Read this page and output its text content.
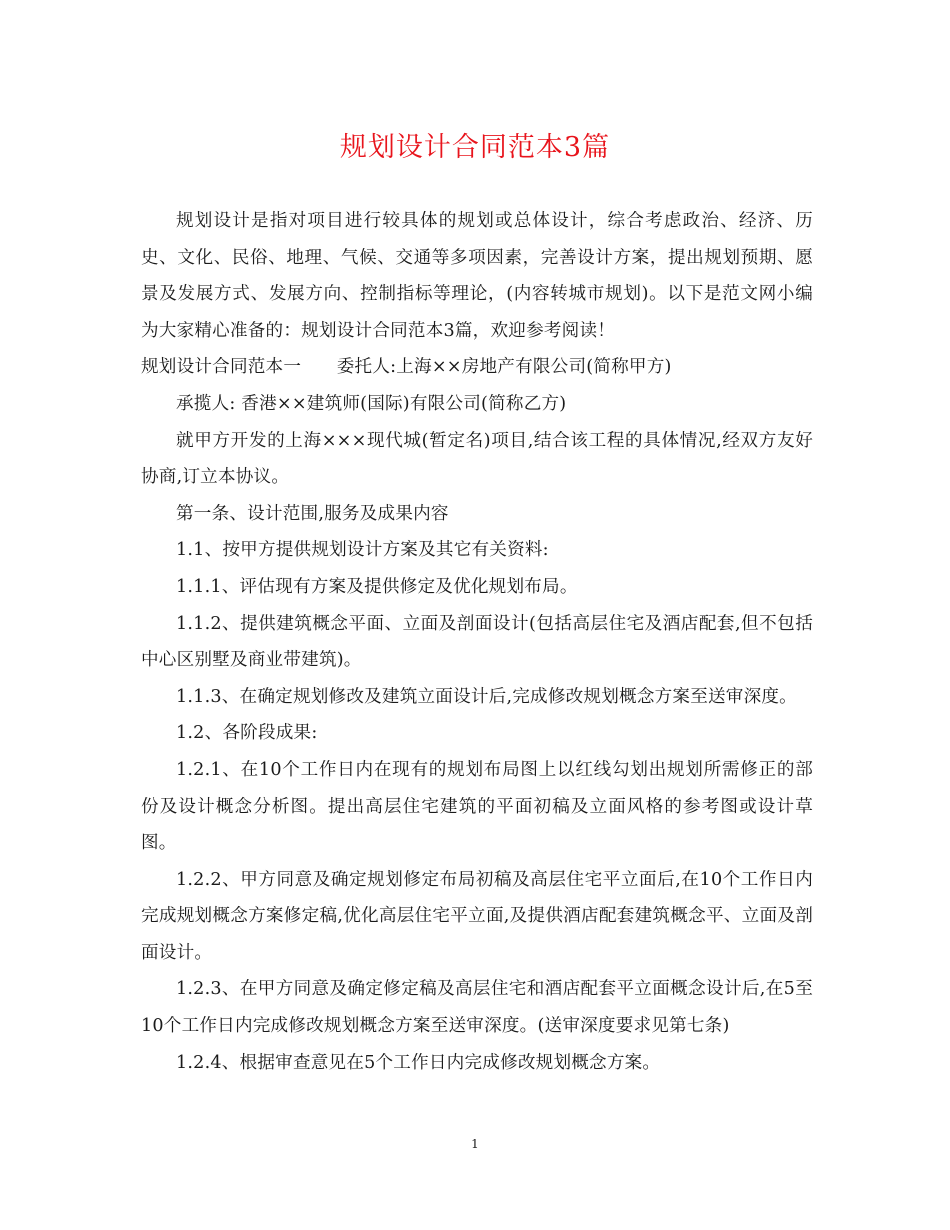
规划设计合同范本3篇

规划设计是指对项目进行较具体的规划或总体设计，综合考虑政治、经济、历史、文化、民俗、地理、气候、交通等多项因素，完善设计方案，提出规划预期、愿景及发展方式、发展方向、控制指标等理论，(内容转城市规划)。以下是范文网小编为大家精心准备的：规划设计合同范本3篇，欢迎参考阅读！

规划设计合同范本一　　委托人:上海××房地产有限公司(简称甲方)

承揽人: 香港××建筑师(国际)有限公司(简称乙方)

就甲方开发的上海×××现代城(暂定名)项目,结合该工程的具体情况,经双方友好协商,订立本协议。

第一条、设计范围,服务及成果内容

1.1、按甲方提供规划设计方案及其它有关资料:

1.1.1、评估现有方案及提供修定及优化规划布局。

1.1.2、提供建筑概念平面、立面及剖面设计(包括高层住宅及酒店配套,但不包括中心区别墅及商业带建筑)。

1.1.3、在确定规划修改及建筑立面设计后,完成修改规划概念方案至送审深度。

1.2、各阶段成果:

1.2.1、在10个工作日内在现有的规划布局图上以红线勾划出规划所需修正的部份及设计概念分析图。提出高层住宅建筑的平面初稿及立面风格的参考图或设计草图。

1.2.2、甲方同意及确定规划修定布局初稿及高层住宅平立面后,在10个工作日内完成规划概念方案修定稿,优化高层住宅平立面,及提供酒店配套建筑概念平、立面及剖面设计。

1.2.3、在甲方同意及确定修定稿及高层住宅和酒店配套平立面概念设计后,在5至10个工作日内完成修改规划概念方案至送审深度。(送审深度要求见第七条)

1.2.4、根据审查意见在5个工作日内完成修改规划概念方案。

1
